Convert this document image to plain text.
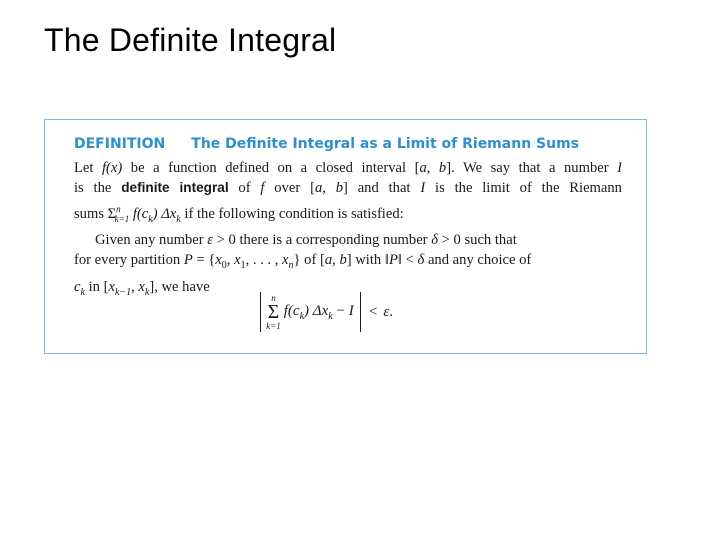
The Definite Integral
DEFINITION The Definite Integral as a Limit of Riemann Sums
Let f(x) be a function defined on a closed interval [a, b]. We say that a number I
is the definite integral of f over [a, b] and that I is the limit of the Riemann
sums $\Sigma^n_{k=1}$ $f(c_k)$ $\Delta x_k$ if the following condition is satisfied:
Given any number ε > 0 there is a corresponding number δ > 0 such that
for every partition $P = \{x_0$, $x_1$, . . . , $x_n$} of [a, b] with ‖P‖ < δ and any choice of
$c_k$ in [$x_{k-1}$, $x_k$], we have
n
Σ
k=1
$f(c_k) \Delta x_k - I$	< ε .
